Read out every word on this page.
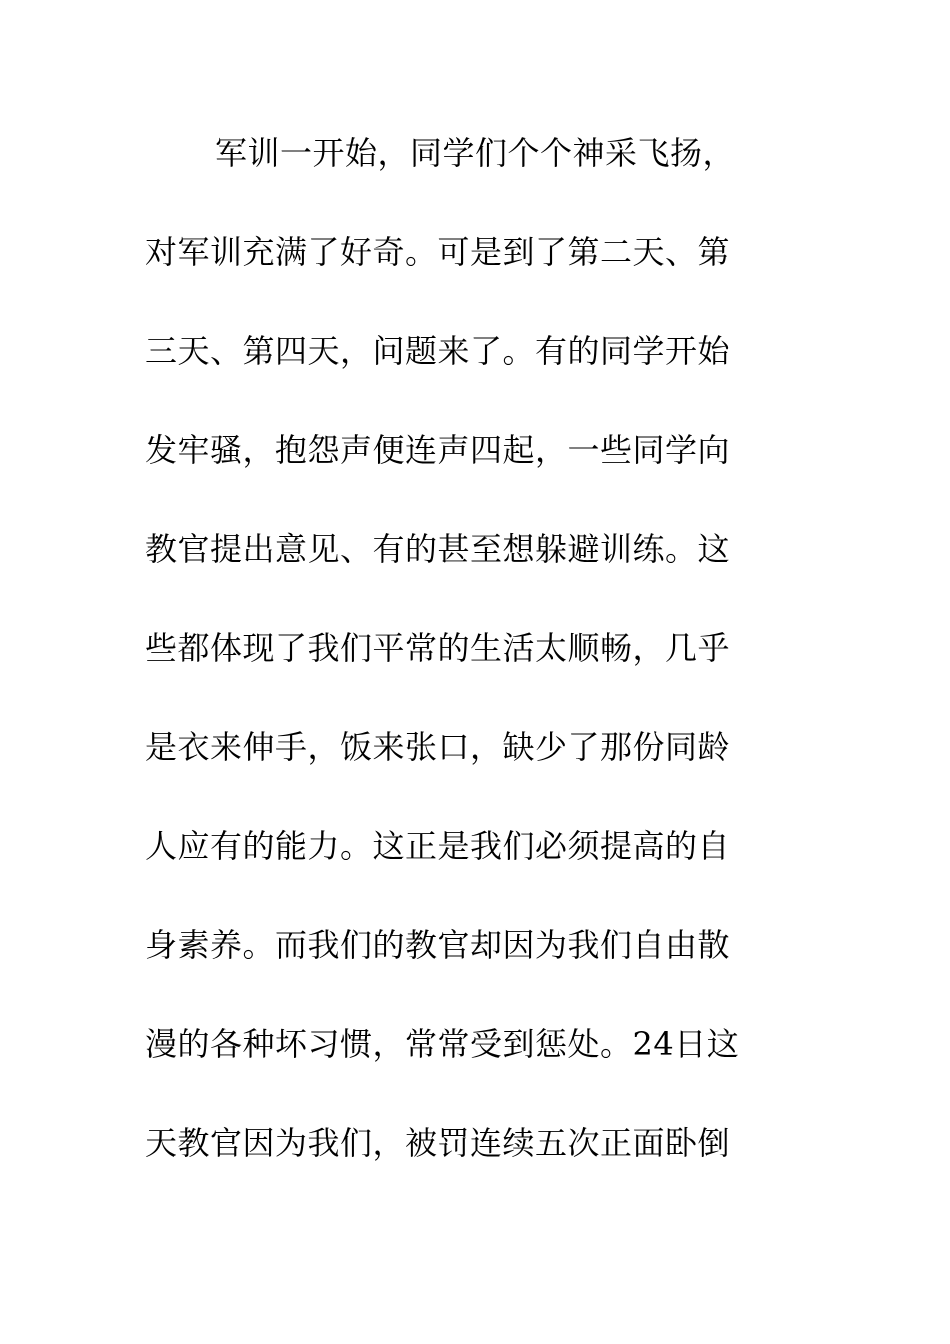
军训一开始，同学们个个神采飞扬，
对军训充满了好奇。可是到了第二天、第
三天、第四天，问题来了。有的同学开始
发牢骚，抱怨声便连声四起，一些同学向
教官提出意见、有的甚至想躲避训练。这
些都体现了我们平常的生活太顺畅，几乎
是衣来伸手，饭来张口，缺少了那份同龄
人应有的能力。这正是我们必须提高的自
身素养。而我们的教官却因为我们自由散
漫的各种坏习惯，常常受到惩处。24日这
天教官因为我们，被罚连续五次正面卧倒
